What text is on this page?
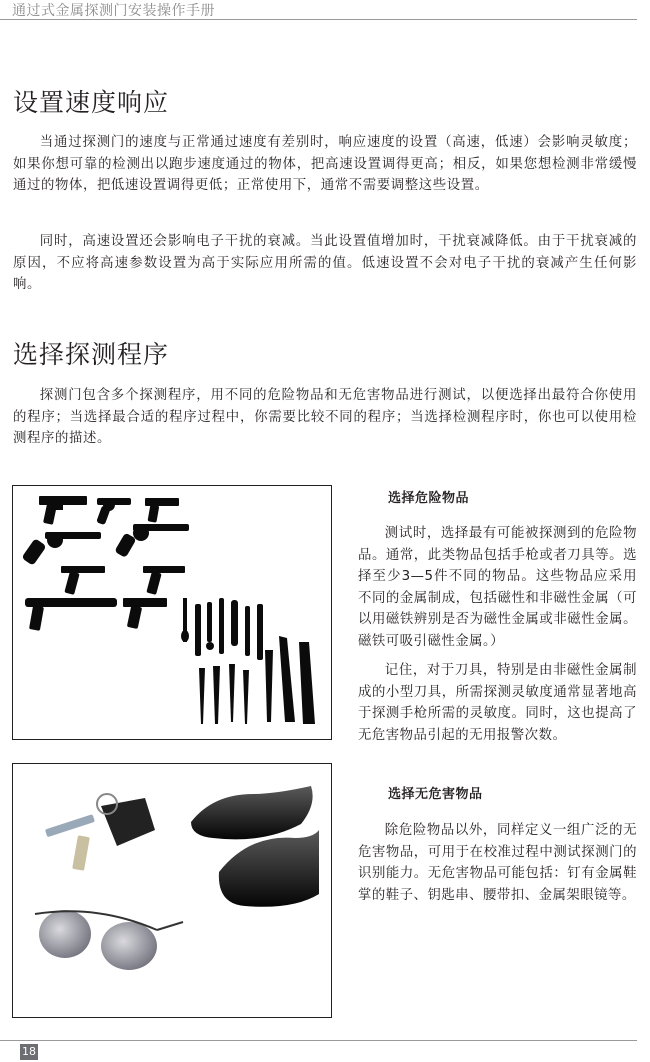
通过式金属探测门安装操作手册
设置速度响应

当通过探测门的速度与正常通过速度有差别时，响应速度的设置（高速，低速）会影响灵敏度；如果你想可靠的检测出以跑步速度通过的物体，把高速设置调得更高；相反，如果您想检测非常缓慢通过的物体，把低速设置调得更低；正常使用下，通常不需要调整这些设置。

同时，高速设置还会影响电子干扰的衰减。当此设置值增加时，干扰衰减降低。由于干扰衰减的原因，不应将高速参数设置为高于实际应用所需的值。低速设置不会对电子干扰的衰减产生任何影响。

选择探测程序

探测门包含多个探测程序，用不同的危险物品和无危害物品进行测试，以便选择出最符合你使用的程序；当选择最合适的程序过程中，你需要比较不同的程序；当选择检测程序时，你也可以使用检测程序的描述。

选择危险物品

测试时，选择最有可能被探测到的危险物品。通常，此类物品包括手枪或者刀具等。选择至少3—5件不同的物品。这些物品应采用不同的金属制成，包括磁性和非磁性金属（可以用磁铁辨别是否为磁性金属或非磁性金属。磁铁可吸引磁性金属。）

记住，对于刀具，特别是由非磁性金属制成的小型刀具，所需探测灵敏度通常显著地高于探测手枪所需的灵敏度。同时，这也提高了无危害物品引起的无用报警次数。

选择无危害物品

除危险物品以外，同样定义一组广泛的无危害物品，可用于在校准过程中测试探测门的识别能力。无危害物品可能包括：钉有金属鞋掌的鞋子、钥匙串、腰带扣、金属架眼镜等。

18
